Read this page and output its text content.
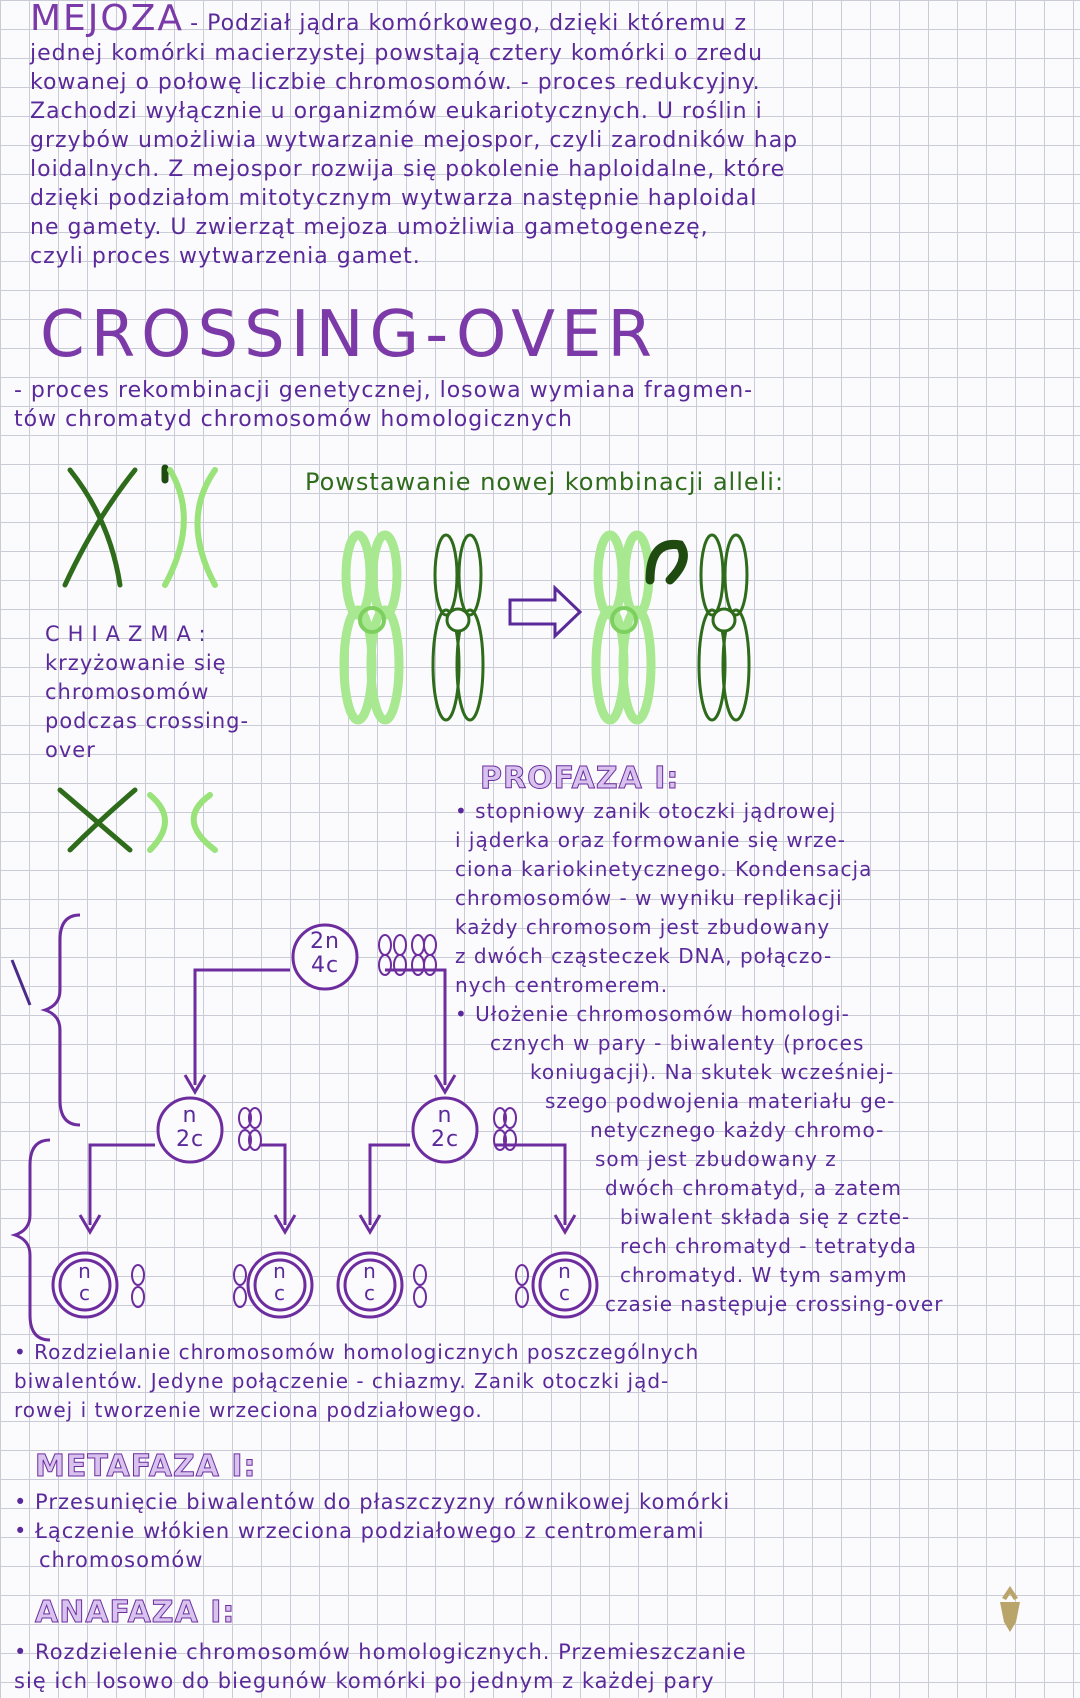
MEJOZA - Podział jądra komórkowego, dzięki któremu z
jednej komórki macierzystej powstają cztery komórki o zredu
kowanej o połowę liczbie chromosomów. - proces redukcyjny.
Zachodzi wyłącznie u organizmów eukariotycznych. U roślin i
grzybów umożliwia wytwarzanie mejospor, czyli zarodników hap
loidalnych. Z mejospor rozwija się pokolenie haploidalne, które
dzięki podziałom mitotycznym wytwarza następnie haploidal
ne gamety. U zwierząt mejoza umożliwia gametogenezę,
czyli proces wytwarzenia gamet.
CROSSING-OVER
- proces rekombinacji genetycznej, losowa wymiana fragmen-
tów chromatyd chromosomów homologicznych
Powstawanie nowej kombinacji alleli:
CHIAZMA:
krzyżowanie się
chromosomów
podczas crossing-
over
2n
4c
n
2c
n
2c
n
c
n
c
n
c
n
c
PROFAZA I:
• stopniowy zanik otoczki jądrowej
i jąderka oraz formowanie się wrze-
ciona kariokinetycznego. Kondensacja
chromosomów - w wyniku replikacji
każdy chromosom jest zbudowany
z dwóch cząsteczek DNA, połączo-
nych centromerem.
• Ułożenie chromosomów homologi-
cznych w pary - biwalenty (proces
koniugacji). Na skutek wcześniej-
szego podwojenia materiału ge-
netycznego każdy chromo-
som jest zbudowany z
dwóch chromatyd, a zatem
biwalent składa się z czte-
rech chromatyd - tetratyda
chromatyd. W tym samym
czasie następuje crossing-over
• Rozdzielanie chromosomów homologicznych poszczególnych
biwalentów. Jedyne połączenie - chiazmy. Zanik otoczki jąd-
rowej i tworzenie wrzeciona podziałowego.
METAFAZA I:
• Przesunięcie biwalentów do płaszczyzny równikowej komórki
• Łączenie włókien wrzeciona podziałowego z centromerami
chromosomów
ANAFAZA I:
• Rozdzielenie chromosomów homologicznych. Przemieszczanie
się ich losowo do biegunów komórki po jednym z każdej pary
